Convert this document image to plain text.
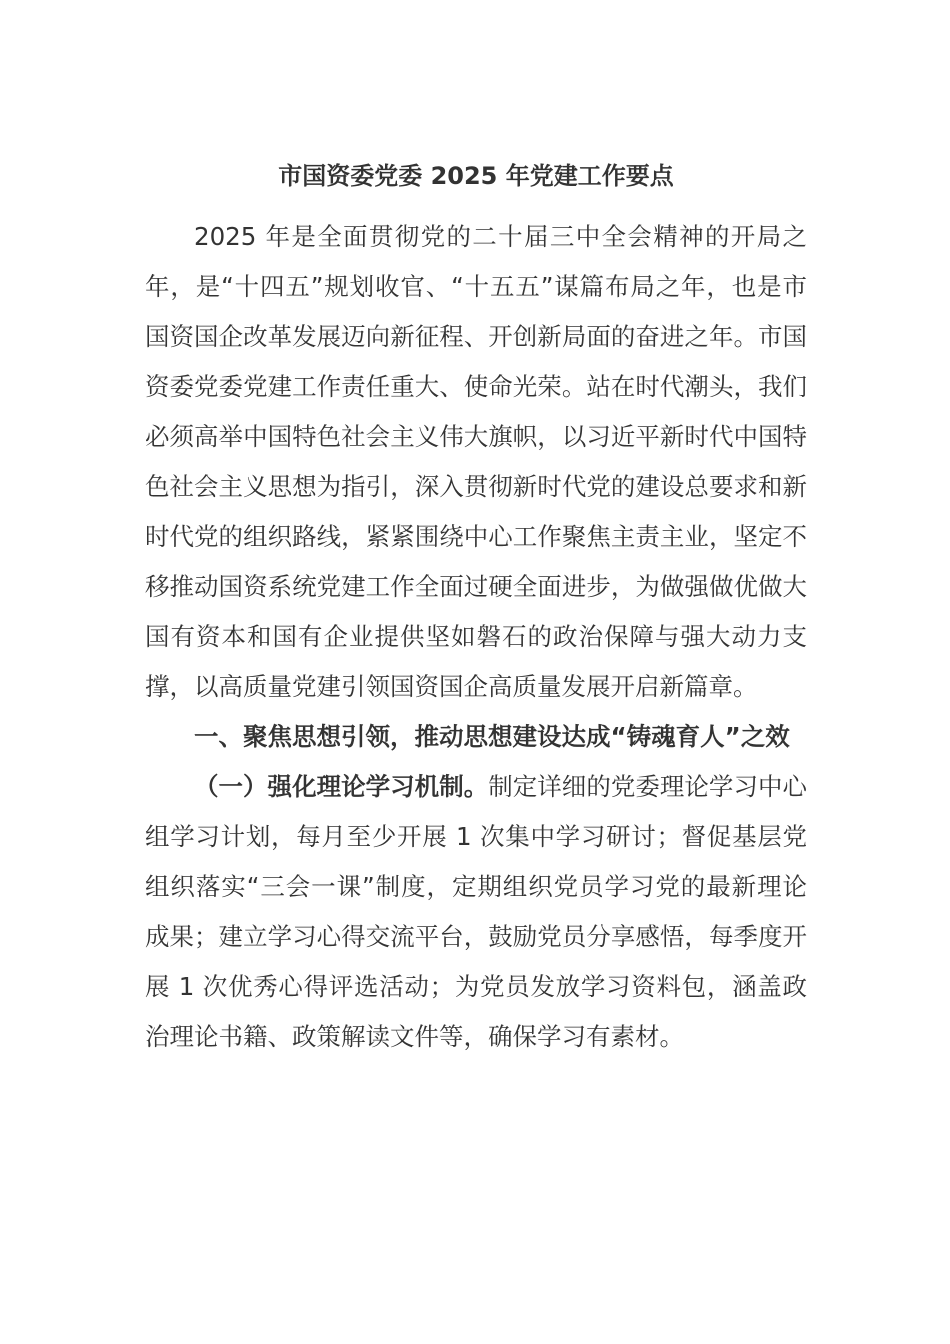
市国资委党委 2025 年党建工作要点

2025 年是全面贯彻党的二十届三中全会精神的开局之年，是“十四五”规划收官、“十五五”谋篇布局之年，也是市国资国企改革发展迈向新征程、开创新局面的奋进之年。市国资委党委党建工作责任重大、使命光荣。站在时代潮头，我们必须高举中国特色社会主义伟大旗帜，以习近平新时代中国特色社会主义思想为指引，深入贯彻新时代党的建设总要求和新时代党的组织路线，紧紧围绕中心工作聚焦主责主业，坚定不移推动国资系统党建工作全面过硬全面进步，为做强做优做大国有资本和国有企业提供坚如磐石的政治保障与强大动力支撑，以高质量党建引领国资国企高质量发展开启新篇章。

一、聚焦思想引领，推动思想建设达成“铸魂育人”之效

（一）强化理论学习机制。制定详细的党委理论学习中心组学习计划，每月至少开展 1 次集中学习研讨；督促基层党组织落实“三会一课”制度，定期组织党员学习党的最新理论成果；建立学习心得交流平台，鼓励党员分享感悟，每季度开展 1 次优秀心得评选活动；为党员发放学习资料包，涵盖政治理论书籍、政策解读文件等，确保学习有素材。
